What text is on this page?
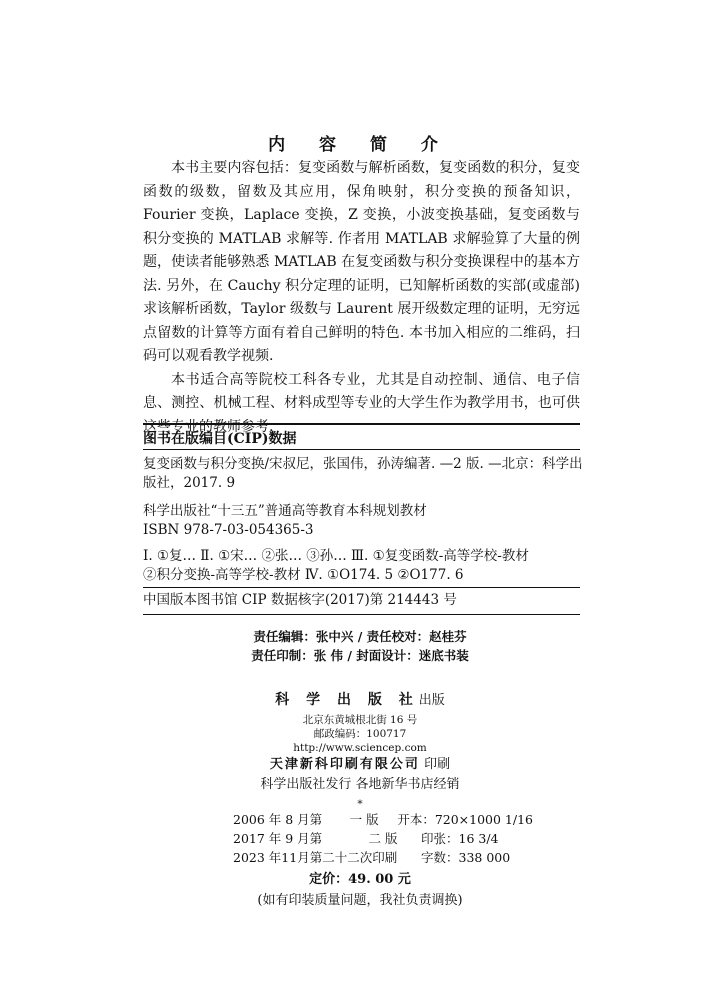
内 容 简 介

本书主要内容包括：复变函数与解析函数，复变函数的积分，复变函数的级数，留数及其应用，保角映射，积分变换的预备知识，Fourier 变换，Laplace 变换，Z 变换，小波变换基础，复变函数与积分变换的 MATLAB 求解等. 作者用 MATLAB 求解验算了大量的例题，使读者能够熟悉 MATLAB 在复变函数与积分变换课程中的基本方法. 另外，在 Cauchy 积分定理的证明，已知解析函数的实部(或虚部)求该解析函数，Taylor 级数与 Laurent 展开级数定理的证明，无穷远点留数的计算等方面有着自己鲜明的特色. 本书加入相应的二维码，扫码可以观看教学视频.

本书适合高等院校工科各专业，尤其是自动控制、通信、电子信息、测控、机械工程、材料成型等专业的大学生作为教学用书，也可供这些专业的教师参考.

图书在版编目(CIP)数据
复变函数与积分变换/宋叔尼，张国伟，孙涛编著. —2 版. —北京：科学出
版社，2017. 9
科学出版社“十三五”普通高等教育本科规划教材
ISBN 978-7-03-054365-3
Ⅰ. ①复… Ⅱ. ①宋… ②张… ③孙… Ⅲ. ①复变函数-高等学校-教材
②积分变换-高等学校-教材 Ⅳ. ①O174. 5 ②O177. 6
中国版本图书馆 CIP 数据核字(2017)第 214443 号
责任编辑：张中兴 / 责任校对：赵桂芬
责任印制：张 伟 / 封面设计：迷底书装
科 学 出 版 社出版
北京东黄城根北街 16 号
邮政编码：100717
http://www.sciencep.com
天津新科印刷有限公司 印刷
科学出版社发行 各地新华书店经销
*
2006 年 8 月第	一 版	开本：720×1000 1/16
2017 年 9 月第	二 版	印张：16 3/4
2023 年11月第二十二次印刷	字数：338 000
定价：49. 00 元
(如有印装质量问题，我社负责调换)
